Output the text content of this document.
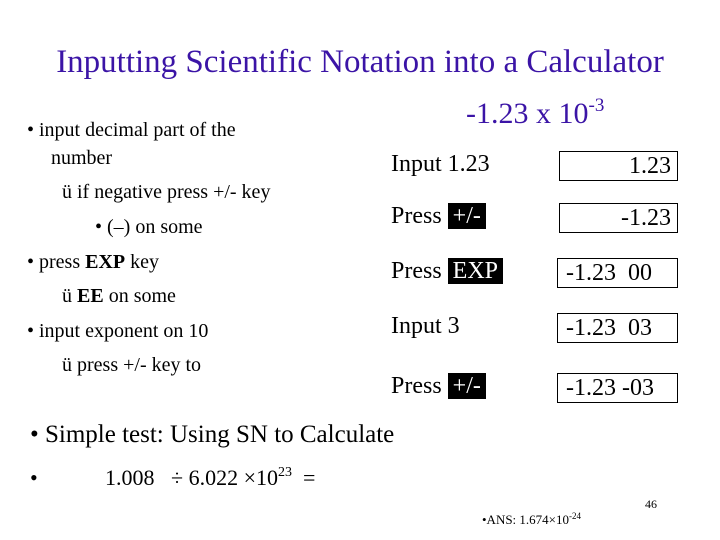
Inputting Scientific Notation into a Calculator
-1.23 x $10^{-3}$
• input decimal part of the
number
ü if negative press +/- key
• (–) on some
• press EXP key
ü EE on some
• input exponent on 10
ü press +/- key to
Input 1.23	1.23
Press +/-	-1.23
Press EXP	-1.23  00
Input 3	-1.23  03
Press +/-	-1.23 -03
• Simple test: Using SN to Calculate
•	$1.008 \div 6.022 \times 10^{23}$ =
•ANS: $1.674\times 10^{-24}$
46
